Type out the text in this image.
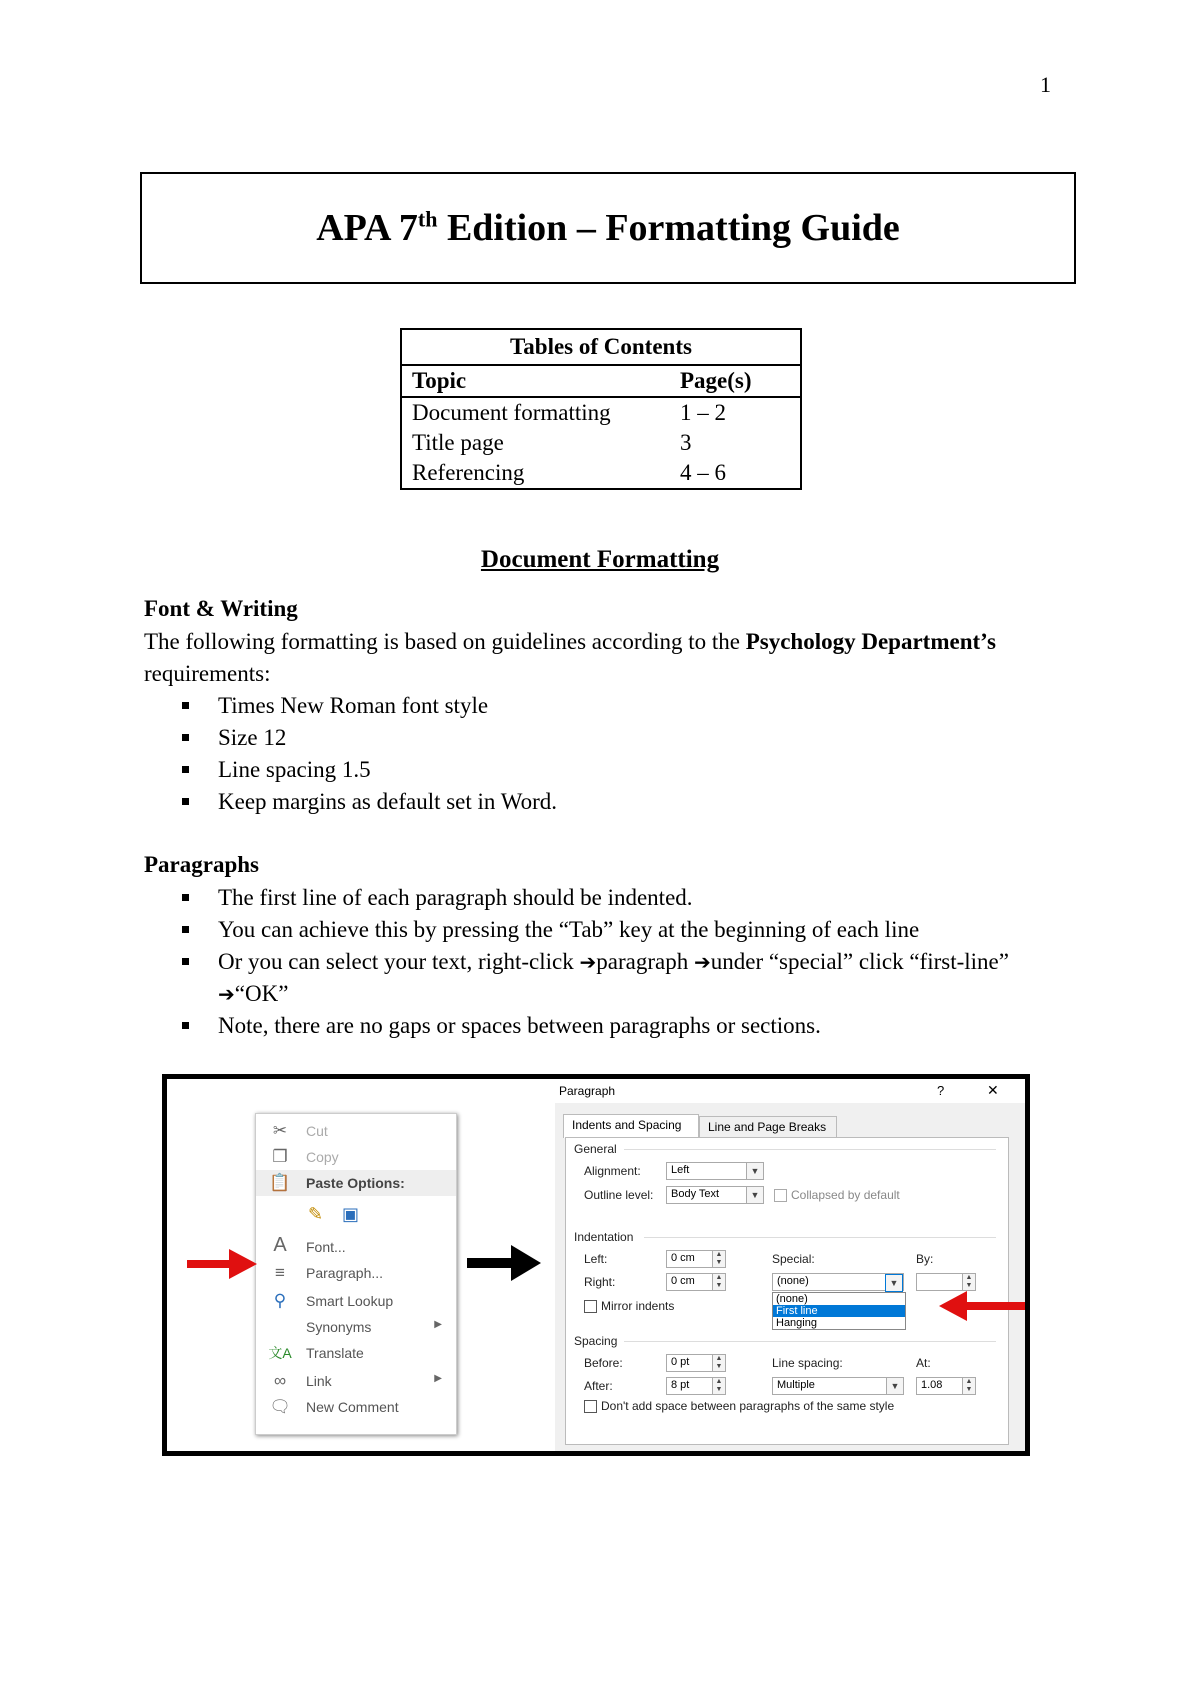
1
APA 7th Edition – Formatting Guide
Tables of Contents	
Topic	Page(s)
Document formatting	1 – 2
Title page	3
Referencing	4 – 6
Document Formatting
Font & Writing
The following formatting is based on guidelines according to the Psychology Department’s requirements:
Times New Roman font style
Size 12
Line spacing 1.5
Keep margins as default set in Word.
Paragraphs
The first line of each paragraph should be indented.
You can achieve this by pressing the “Tab” key at the beginning of each line
Or you can select your text, right-click ➔paragraph ➔under “special” click “first-line” ➔“OK”
Note, there are no gaps or spaces between paragraphs or sections.
✂	Cut
❐	Copy
📋 Paste Options:
✎ ▣
A	Font...
≡	Paragraph...
⚲	Smart Lookup
Synonyms	▶
文A Translate
∞	Link	▶
🗨 New Comment
Paragraph	?	✕
Indents and Spacing	Line and Page Breaks
General
Alignment:	Left	▼
Outline level:	Body Text	▼	Collapsed by default
Indentation
Left:	0 cm	▲
▼
Right:	0 cm	▲
▼
Special:
(none)	▼
(none)
First line
Hanging
By:
▲
▼
Mirror indents
Spacing
Before:	0 pt	▲
▼
After:	8 pt	▲
▼
Line spacing:
Multiple	▼
At:
1.08	▲
▼
Don't add space between paragraphs of the same style
